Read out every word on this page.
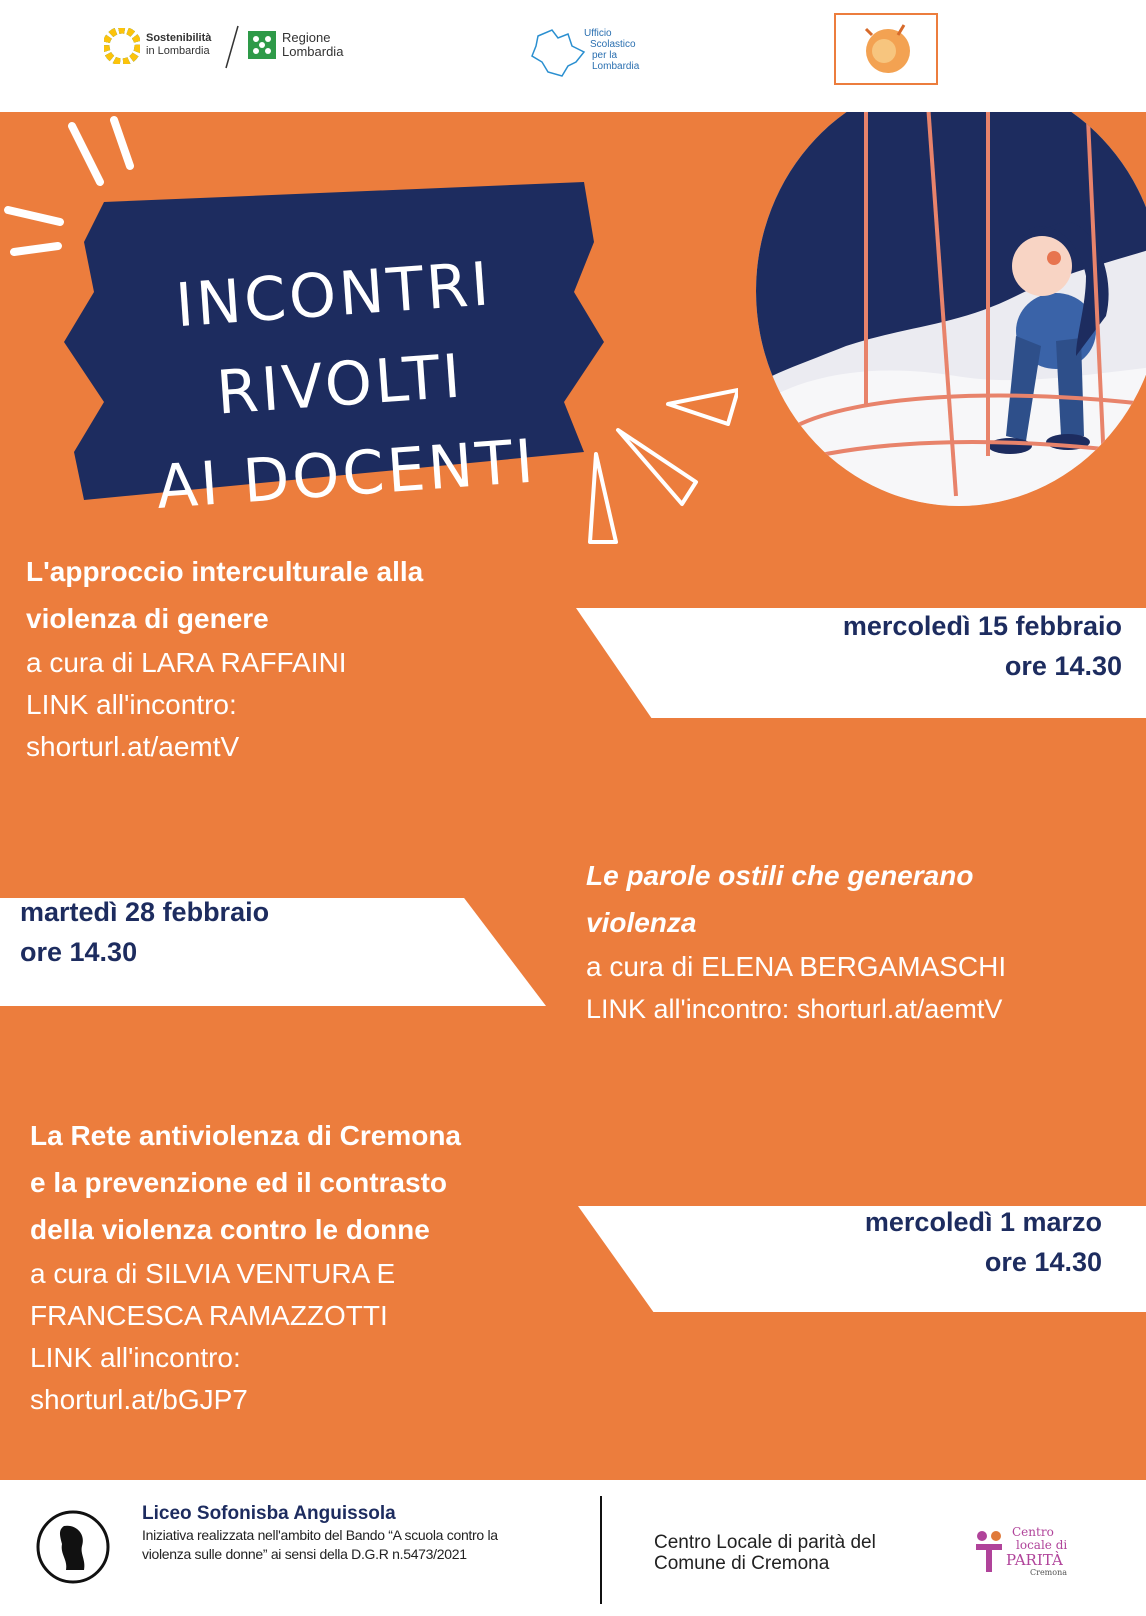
Sostenibilità
in Lombardia
Regione
Lombardia
Ufficio
Scolastico
per la
Lombardia
INCONTRI RIVOLTI
AI DOCENTI
L'approccio interculturale alla
violenza di genere
a cura di LARA RAFFAINI
LINK all'incontro:
shorturl.at/aemtV
mercoledì 15 febbraio
ore 14.30
martedì 28 febbraio
ore 14.30
Le parole ostili che generano
violenza
a cura di ELENA BERGAMASCHI
LINK all'incontro: shorturl.at/aemtV
La Rete antiviolenza di Cremona
e la prevenzione ed il contrasto
della violenza contro le donne
a cura di SILVIA VENTURA E
FRANCESCA RAMAZZOTTI
LINK all'incontro:
shorturl.at/bGJP7
mercoledì 1 marzo
ore 14.30
Liceo Sofonisba Anguissola
Iniziativa realizzata nell'ambito del Bando “A scuola contro la
violenza sulle donne” ai sensi della D.G.R n.5473/2021
Centro Locale di parità del
Comune di Cremona
Centro
locale di
PARITÀ
Cremona
